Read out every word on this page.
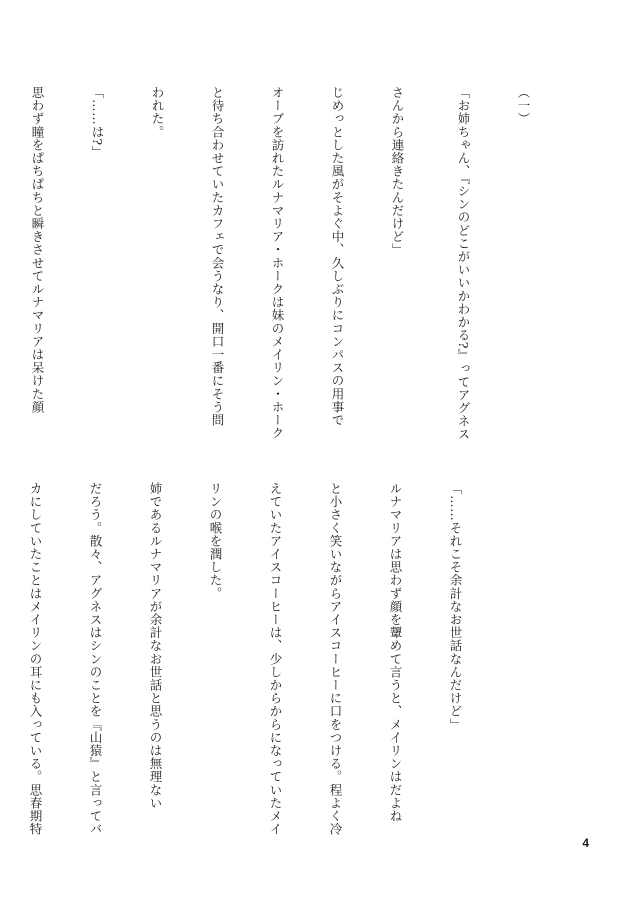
（一）

「お姉ちゃん、『シンのどこがいいかわかる?』ってアグネス

さんから連絡きたんだけど」

じめっとした風がそよぐ中、久しぶりにコンパスの用事で

オーブを訪れたルナマリア・ホークは妹のメイリン・ホーク

と待ち合わせていたカフェで会うなり、開口一番にそう問

われた。

「……は?」

思わず瞳をぱちぱちと瞬きさせてルナマリアは呆けた顔

「……それこそ余計なお世話なんだけど」

ルナマリアは思わず顔を顰めて言うと、メイリンはだよね

と小さく笑いながらアイスコーヒーに口をつける。程よく冷

えていたアイスコーヒーは、少しからからになっていたメイ

リンの喉を潤した。

姉であるルナマリアが余計なお世話と思うのは無理ない

だろう。散々、アグネスはシンのことを『山猿』と言ってバ

カにしていたことはメイリンの耳にも入っている。思春期特

4
